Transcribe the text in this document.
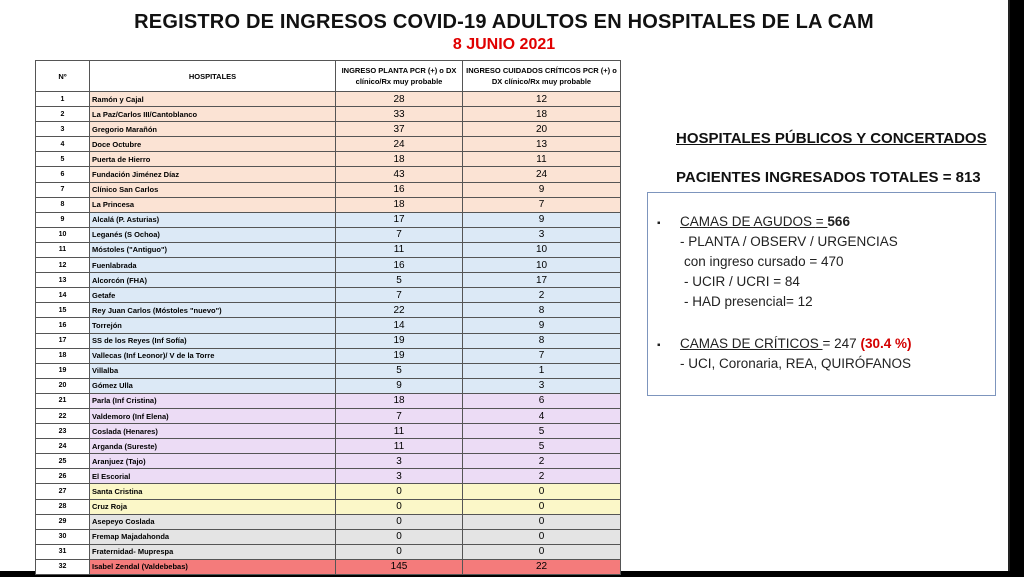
REGISTRO DE INGRESOS COVID-19 ADULTOS EN HOSPITALES DE LA CAM
8 JUNIO 2021
Nº	HOSPITALES	INGRESO PLANTA PCR (+) o DX clínico/Rx muy probable	INGRESO CUIDADOS CRÍTICOS PCR (+) o DX clínico/Rx muy probable
1	Ramón y Cajal	28	12
2	La Paz/Carlos III/Cantoblanco	33	18
3	Gregorio Marañón	37	20
4	Doce Octubre	24	13
5	Puerta de Hierro	18	11
6	Fundación Jiménez Díaz	43	24
7	Clínico San Carlos	16	9
8	La Princesa	18	7
9	Alcalá (P. Asturias)	17	9
10	Leganés (S Ochoa)	7	3
11	Móstoles ("Antiguo")	11	10
12	Fuenlabrada	16	10
13	Alcorcón (FHA)	5	17
14	Getafe	7	2
15	Rey Juan Carlos (Móstoles "nuevo")	22	8
16	Torrejón	14	9
17	SS de los Reyes (Inf Sofía)	19	8
18	Vallecas (Inf Leonor)/ V de la Torre	19	7
19	Villalba	5	1
20	Gómez Ulla	9	3
21	Parla (Inf Cristina)	18	6
22	Valdemoro (Inf Elena)	7	4
23	Coslada (Henares)	11	5
24	Arganda (Sureste)	11	5
25	Aranjuez (Tajo)	3	2
26	El Escorial	3	2
27	Santa Cristina	0	0
28	Cruz Roja	0	0
29	Asepeyo Coslada	0	0
30	Fremap Majadahonda	0	0
31	Fraternidad- Muprespa	0	0
32	Isabel Zendal (Valdebebas)	145	22
HOSPITALES PÚBLICOS Y CONCERTADOS
PACIENTES INGRESADOS TOTALES = 813
▪ CAMAS DE AGUDOS = 566
- PLANTA / OBSERV / URGENCIAS
con ingreso cursado = 470
- UCIR / UCRI = 84
- HAD presencial= 12
▪ CAMAS DE CRÍTICOS = 247 (30.4 %)
- UCI, Coronaria, REA, QUIRÓFANOS
